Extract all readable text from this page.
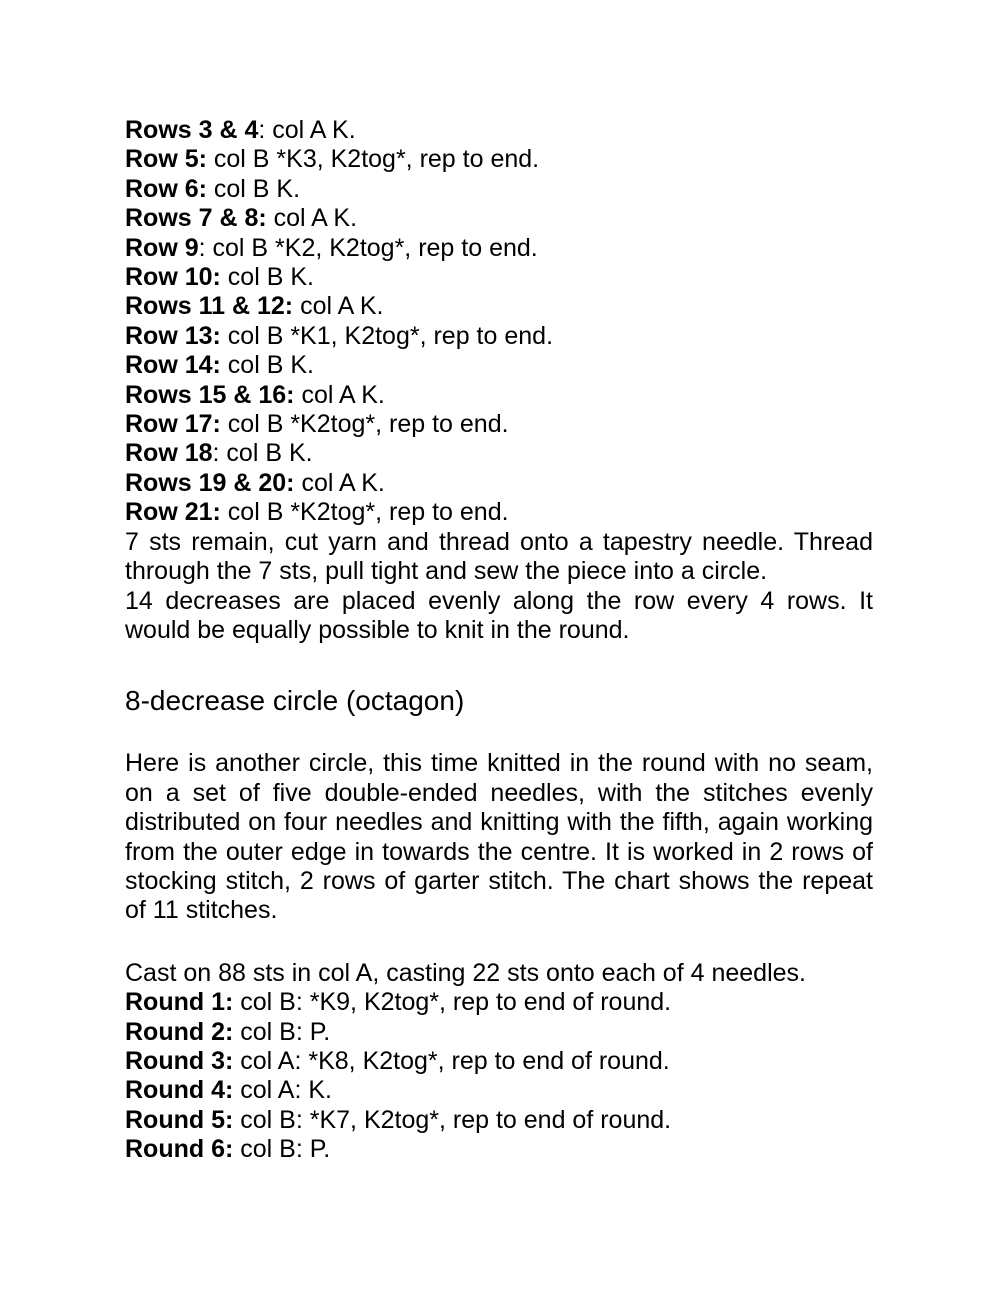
Rows 3 & 4: col A K.
Row 5: col B *K3, K2tog*, rep to end.
Row 6: col B K.
Rows 7 & 8: col A K.
Row 9: col B *K2, K2tog*, rep to end.
Row 10: col B K.
Rows 11 & 12: col A K.
Row 13: col B *K1, K2tog*, rep to end.
Row 14: col B K.
Rows 15 & 16: col A K.
Row 17: col B *K2tog*, rep to end.
Row 18: col B K.
Rows 19 & 20: col A K.
Row 21: col B *K2tog*, rep to end.

7 sts remain, cut yarn and thread onto a tapestry needle. Thread through the 7 sts, pull tight and sew the piece into a circle.

14 decreases are placed evenly along the row every 4 rows. It would be equally possible to knit in the round.

8-decrease circle (octagon)

Here is another circle, this time knitted in the round with no seam, on a set of five double-ended needles, with the stitches evenly distributed on four needles and knitting with the fifth, again working from the outer edge in towards the centre. It is worked in 2 rows of stocking stitch, 2 rows of garter stitch. The chart shows the repeat of 11 stitches.

Cast on 88 sts in col A, casting 22 sts onto each of 4 needles.
Round 1: col B: *K9, K2tog*, rep to end of round.
Round 2: col B: P.
Round 3: col A: *K8, K2tog*, rep to end of round.
Round 4: col A: K.
Round 5: col B: *K7, K2tog*, rep to end of round.
Round 6: col B: P.
